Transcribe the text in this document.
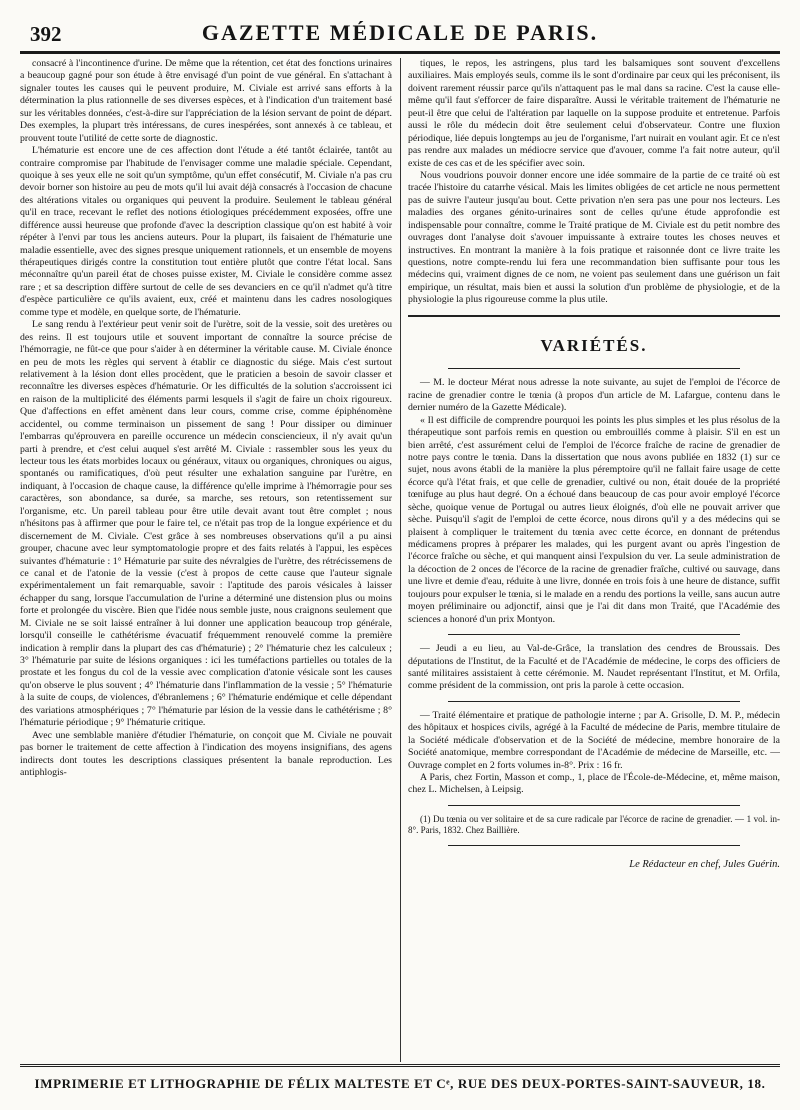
392	GAZETTE MÉDICALE DE PARIS.

consacré à l'incontinence d'urine. De même que la rétention, cet état des fonctions urinaires a beaucoup gagné pour son étude à être envisagé d'un point de vue général. En s'attachant à signaler toutes les causes qui le peuvent produire, M. Civiale est arrivé sans efforts à la détermination la plus rationnelle de ses diverses espèces, et à l'indication d'un traitement basé sur les véritables données, c'est-à-dire sur l'appréciation de la lésion servant de point de départ. Des exemples, la plupart très intéressans, de cures inespérées, sont annexés à ce tableau, et prouvent toute l'utilité de cette sorte de diagnostic.

L'hématurie est encore une de ces affection dont l'étude a été tantôt éclairée, tantôt au contraire compromise par l'habitude de l'envisager comme une maladie spéciale. Cependant, quoique à ses yeux elle ne soit qu'un symptôme, qu'un effet consécutif, M. Civiale n'a pas cru devoir borner son histoire au peu de mots qu'il lui avait déjà consacrés à l'occasion de chacune des altérations vitales ou organiques qui peuvent la produire. Seulement le tableau général qu'il en trace, recevant le reflet des notions étiologiques précédemment exposées, offre une différence aussi heureuse que profonde d'avec la description classique qu'on est habité à voir répéter à l'envi par tous les anciens auteurs. Pour la plupart, ils faisaient de l'hématurie une maladie essentielle, avec des signes presque uniquement rationnels, et un ensemble de moyens thérapeutiques dirigés contre la constitution tout entière plutôt que contre l'état local. Sans méconnaître qu'un pareil état de choses puisse exister, M. Civiale le considère comme assez rare ; et sa description diffère surtout de celle de ses devanciers en ce qu'il n'admet qu'à titre d'espèce particulière ce qu'ils avaient, eux, créé et maintenu dans les cadres nosologiques comme type et modèle, en quelque sorte, de l'hématurie.

Le sang rendu à l'extérieur peut venir soit de l'urètre, soit de la vessie, soit des uretères ou des reins. Il est toujours utile et souvent important de connaître la source précise de l'hémorragie, ne fût-ce que pour s'aider à en déterminer la véritable cause. M. Civiale énonce en peu de mots les règles qui servent à établir ce diagnostic du siége. Mais c'est surtout relativement à la lésion dont elles procèdent, que le praticien a besoin de savoir classer et reconnaître les diverses espèces d'hématurie. Or les difficultés de la solution s'accroissent ici en raison de la multiplicité des éléments parmi lesquels il s'agit de faire un choix rigoureux. Que d'affections en effet amènent dans leur cours, comme crise, comme épiphénomène accidentel, ou comme terminaison un pissement de sang ! Pour dissiper ou diminuer l'embarras qu'éprouvera en pareille occurence un médecin consciencieux, il n'y avait qu'un parti à prendre, et c'est celui auquel s'est arrêté M. Civiale : rassembler sous les yeux du lecteur tous les états morbides locaux ou généraux, vitaux ou organiques, chroniques ou aigus, spontanés ou ramificatiques, d'où peut résulter une exhalation sanguine par l'urètre, en indiquant, à l'occasion de chaque cause, la différence qu'elle imprime à l'hémorragie pour ses caractères, son abondance, sa durée, sa marche, ses retours, son retentissement sur l'organisme, etc. Un pareil tableau pour être utile devait avant tout être complet ; nous n'hésitons pas à affirmer que pour le faire tel, ce n'était pas trop de la longue expérience et du discernement de M. Civiale. C'est grâce à ses nombreuses observations qu'il a pu ainsi grouper, chacune avec leur symptomatologie propre et des faits relatés à l'appui, les espèces suivantes d'hématurie : 1° Hématurie par suite des névralgies de l'urètre, des rétrécissemens de ce canal et de l'atonie de la vessie (c'est à propos de cette cause que l'auteur signale expérimentalement un fait remarquable, savoir : l'aptitude des parois vésicales à laisser échapper du sang, lorsque l'accumulation de l'urine a déterminé une distension plus ou moins forte et prolongée du viscère. Bien que l'idée nous semble juste, nous craignons seulement que M. Civiale ne se soit laissé entraîner à lui donner une application beaucoup trop générale, lorsqu'il conseille le cathétérisme évacuatif fréquemment renouvelé comme la première indication à remplir dans la plupart des cas d'hématurie) ; 2° l'hématurie chez les calculeux ; 3° l'hématurie par suite de lésions organiques : ici les tuméfactions partielles ou totales de la prostate et les fongus du col de la vessie avec complication d'atonie vésicale sont les causes qu'on observe le plus souvent ; 4° l'hématurie dans l'inflammation de la vessie ; 5° l'hématurie à la suite de coups, de violences, d'ébranlemens ; 6° l'hématurie endémique et celle dépendant des variations atmosphériques ; 7° l'hématurie par lésion de la vessie dans le cathétérisme ; 8° l'hématurie périodique ; 9° l'hématurie critique.

Avec une semblable manière d'étudier l'hématurie, on conçoit que M. Civiale ne pouvait pas borner le traitement de cette affection à l'indication des moyens insignifians, des agens indirects dont toutes les descriptions classiques présentent la banale reproduction. Les antiphlogis-

tiques, le repos, les astringens, plus tard les balsamiques sont souvent d'excellens auxiliaires. Mais employés seuls, comme ils le sont d'ordinaire par ceux qui les préconisent, ils doivent rarement réussir parce qu'ils n'attaquent pas le mal dans sa racine. C'est la cause elle-même qu'il faut s'efforcer de faire disparaître. Aussi le véritable traitement de l'hématurie ne peut-il être que celui de l'altération par laquelle on la suppose produite et entretenue. Parfois aussi le rôle du médecin doit être seulement celui d'observateur. Contre une fluxion périodique, liée depuis longtemps au jeu de l'organisme, l'art nuirait en voulant agir. Et ce n'est pas rendre aux malades un médiocre service que d'avouer, comme l'a fait notre auteur, qu'il existe de ces cas et de les spécifier avec soin.

Nous voudrions pouvoir donner encore une idée sommaire de la partie de ce traité où est tracée l'histoire du catarrhe vésical. Mais les limites obligées de cet article ne nous permettent pas de suivre l'auteur jusqu'au bout. Cette privation n'en sera pas une pour nos lecteurs. Les maladies des organes génito-urinaires sont de celles qu'une étude approfondie est indispensable pour connaître, comme le Traité pratique de M. Civiale est du petit nombre des ouvrages dont l'analyse doit s'avouer impuissante à extraire toutes les choses neuves et instructives. En montrant la manière à la fois pratique et raisonnée dont ce livre traite les questions, notre compte-rendu lui fera une recommandation bien suffisante pour tous les médecins qui, vraiment dignes de ce nom, ne voient pas seulement dans une guérison un fait empirique, un résultat, mais bien et aussi la solution d'un problème de physiologie, et de la physiologie la plus rigoureuse comme la plus utile.

VARIÉTÉS.

— M. le docteur Mérat nous adresse la note suivante, au sujet de l'emploi de l'écorce de racine de grenadier contre le tœnia (à propos d'un article de M. Lafargue, contenu dans le dernier numéro de la Gazette Médicale).

« Il est difficile de comprendre pourquoi les points les plus simples et les plus résolus de la thérapeutique sont parfois remis en question ou embrouillés comme à plaisir. S'il en est un bien arrêté, c'est assurément celui de l'emploi de l'écorce fraîche de racine de grenadier de notre pays contre le tœnia. Dans la dissertation que nous avons publiée en 1832 (1) sur ce sujet, nous avons établi de la manière la plus péremptoire qu'il ne fallait faire usage de cette écorce qu'à l'état frais, et que celle de grenadier, cultivé ou non, était douée de la propriété tœnifuge au plus haut degré. On a échoué dans beaucoup de cas pour avoir employé l'écorce sèche, quoique venue de Portugal ou autres lieux éloignés, d'où elle ne pouvait arriver que sèche. Puisqu'il s'agit de l'emploi de cette écorce, nous dirons qu'il y a des médecins qui se plaisent à compliquer le traitement du tœnia avec cette écorce, en donnant de prétendus médicamens propres à préparer les malades, qui les purgent avant ou après l'ingestion de l'écorce fraîche ou sèche, et qui manquent ainsi l'expulsion du ver. La seule administration de la décoction de 2 onces de l'écorce de la racine de grenadier fraîche, cultivé ou sauvage, dans une livre et demie d'eau, réduite à une livre, donnée en trois fois à une heure de distance, suffit toujours pour expulser le tœnia, si le malade en a rendu des portions la veille, sans aucun autre moyen préliminaire ou adjonctif, ainsi que je l'ai dit dans mon Traité, que l'Académie des sciences a honoré d'un prix Montyon.

— Jeudi a eu lieu, au Val-de-Grâce, la translation des cendres de Broussais. Des députations de l'Institut, de la Faculté et de l'Académie de médecine, le corps des officiers de santé militaires assistaient à cette cérémonie. M. Naudet représentant l'Institut, et M. Orfila, comme président de la commission, ont pris la parole à cette occasion.

— Traité élémentaire et pratique de pathologie interne ; par A. Grisolle, D. M. P., médecin des hôpitaux et hospices civils, agrégé à la Faculté de médecine de Paris, membre titulaire de la Société médicale d'observation et de la Société de médecine, membre honoraire de la Société anatomique, membre correspondant de l'Académie de médecine de Marseille, etc. — Ouvrage complet en 2 forts volumes in-8°. Prix : 16 fr.

A Paris, chez Fortin, Masson et comp., 1, place de l'École-de-Médecine, et, même maison, chez L. Michelsen, à Leipsig.

(1) Du tœnia ou ver solitaire et de sa cure radicale par l'écorce de racine de grenadier. — 1 vol. in-8°. Paris, 1832. Chez Baillière.

Le Rédacteur en chef, Jules Guérin.
IMPRIMERIE ET LITHOGRAPHIE DE FÉLIX MALTESTE ET Cᵉ, RUE DES DEUX-PORTES-SAINT-SAUVEUR, 18.
